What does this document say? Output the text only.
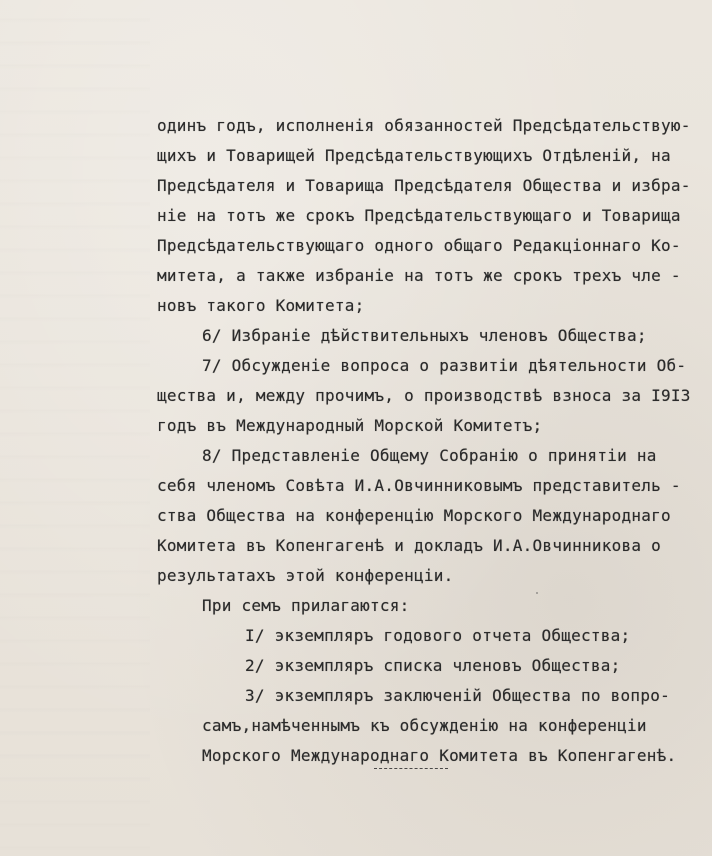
одинъ годъ, исполненія обязанностей Предсѣдательствую-
щихъ и Товарищей Предсѣдательствующихъ Отдѣленій, на
Предсѣдателя и Товарища Предсѣдателя Общества и избра-
ніе на тотъ же срокъ Предсѣдательствующаго и Товарища
Предсѣдательствующаго одного общаго Редакціоннаго Ко-
митета, а также избраніе на тотъ же срокъ трехъ чле -
новъ такого Комитета;
6/ Избраніе дѣйствительныхъ членовъ Общества;
7/ Обсужденіе вопроса о развитіи дѣятельности Об-
щества и, между прочимъ, о производствѣ взноса за I9I3
годъ въ Международный Морской Комитетъ;
8/ Представленіе Общему Собранію о принятіи на
себя членомъ Совѣта И.А.Овчинниковымъ представитель -
ства Общества на конференцію Морского Международнаго
Комитета въ Копенгагенѣ и докладъ И.А.Овчинникова о
результатахъ этой конференціи.
При семъ прилагаются:
I/ экземпляръ годового отчета Общества;
2/ экземпляръ списка членовъ Общества;
3/ экземпляръ заключеній Общества по вопро-
самъ,намѣченнымъ къ обсужденію на конференціи
Морского Международнаго Комитета въ Копенгагенѣ.
